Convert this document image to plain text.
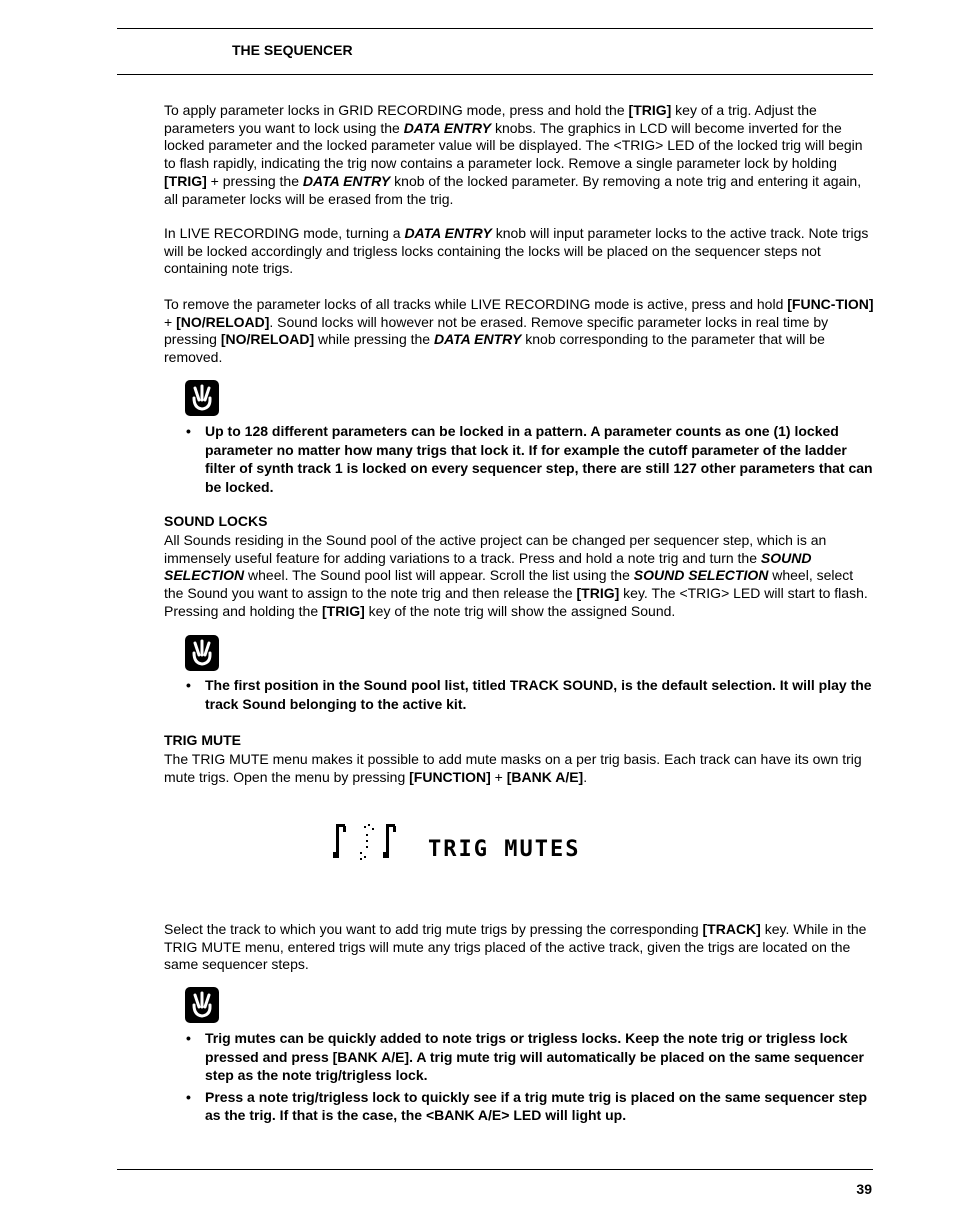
THE SEQUENCER

To apply parameter locks in GRID RECORDING mode, press and hold the [TRIG] key of a trig. Adjust the parameters you want to lock using the DATA ENTRY knobs. The graphics in LCD will become inverted for the locked parameter and the locked parameter value will be displayed. The <TRIG> LED of the locked trig will begin to flash rapidly, indicating the trig now contains a parameter lock. Remove a single parameter lock by holding [TRIG] + pressing the DATA ENTRY knob of the locked parameter. By removing a note trig and entering it again, all parameter locks will be erased from the trig.

In LIVE RECORDING mode, turning a DATA ENTRY knob will input parameter locks to the active track. Note trigs will be locked accordingly and trigless locks containing the locks will be placed on the sequencer steps not containing note trigs.

To remove the parameter locks of all tracks while LIVE RECORDING mode is active, press and hold [FUNC-TION] + [NO/RELOAD]. Sound locks will however not be erased. Remove specific parameter locks in real time by pressing [NO/RELOAD] while pressing the DATA ENTRY knob corresponding to the parameter that will be removed.

• Up to 128 different parameters can be locked in a pattern. A parameter counts as one (1) locked parameter no matter how many trigs that lock it. If for example the cutoff parameter of the ladder filter of synth track 1 is locked on every sequencer step, there are still 127 other parameters that can be locked.
SOUND LOCKS

All Sounds residing in the Sound pool of the active project can be changed per sequencer step, which is an immensely useful feature for adding variations to a track. Press and hold a note trig and turn the SOUND SELECTION wheel. The Sound pool list will appear. Scroll the list using the SOUND SELECTION wheel, select the Sound you want to assign to the note trig and then release the [TRIG] key. The <TRIG> LED will start to flash. Pressing and holding the [TRIG] key of the note trig will show the assigned Sound.

• The first position in the Sound pool list, titled TRACK SOUND, is the default selection. It will play the track Sound belonging to the active kit.
TRIG MUTE

The TRIG MUTE menu makes it possible to add mute masks on a per trig basis. Each track can have its own trig mute trigs. Open the menu by pressing [FUNCTION] + [BANK A/E].

TRIG MUTES

Select the track to which you want to add trig mute trigs by pressing the corresponding [TRACK] key. While in the TRIG MUTE menu, entered trigs will mute any trigs placed of the active track, given the trigs are located on the same sequencer steps.

• Trig mutes can be quickly added to note trigs or trigless locks. Keep the note trig or trigless lock pressed and press [BANK A/E]. A trig mute trig will automatically be placed on the same sequencer step as the note trig/trigless lock.
• Press a note trig/trigless lock to quickly see if a trig mute trig is placed on the same sequencer step as the trig. If that is the case, the <BANK A/E> LED will light up.
39
